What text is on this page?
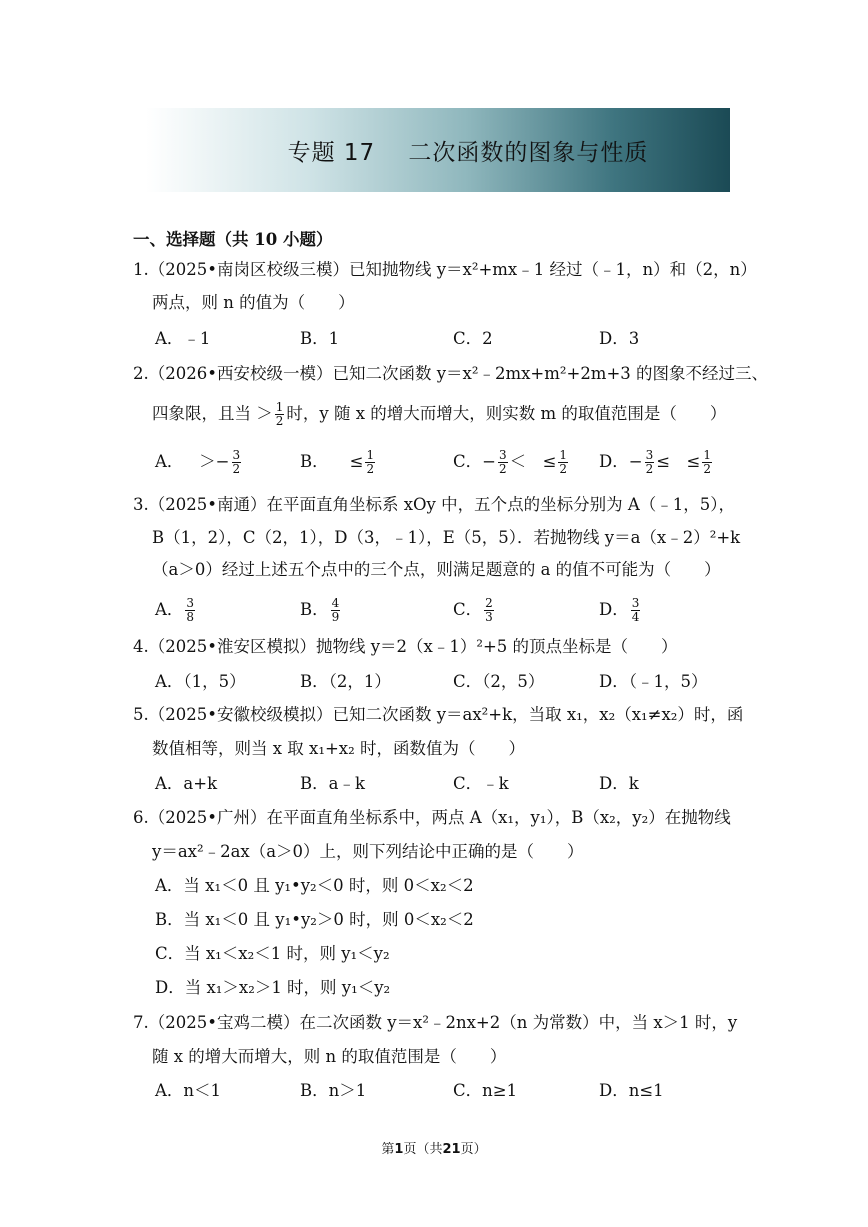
专题 17    二次函数的图象与性质
一、选择题（共 10 小题）
1.（2025•南岗区校级三模）已知抛物线 y＝x²+mx﹣1 经过（﹣1，n）和（2，n）
两点，则 n 的值为（　　）
A．﹣1	B．1	C．2	D．3
2.（2026•西安校级一模）已知二次函数 y＝x²﹣2mx+m²+2m+3 的图象不经过三、
四象限，且当 ＞ $\frac{1}{2}$ 时，y 随 x 的增大而增大，则实数 m 的取值范围是（　　）
A． ＞− $\frac{3}{2}$	B． ≤ $\frac{1}{2}$	C．− $\frac{3}{2}$ ＜　≤ $\frac{1}{2}$ D．− $\frac{3}{2}$ ≤　≤ $\frac{1}{2}$
3.（2025•南通）在平面直角坐标系 xOy 中，五个点的坐标分别为 A（﹣1，5），
B（1，2），C（2，1），D（3，﹣1），E（5，5）．若抛物线 y＝a（x﹣2）²+k
（a＞0）经过上述五个点中的三个点，则满足题意的 a 的值不可能为（　　）
A． $\frac{3}{8}$	B． $\frac{4}{9}$	C． $\frac{2}{3}$	D． $\frac{3}{4}$
4.（2025•淮安区模拟）抛物线 y＝2（x﹣1）²+5 的顶点坐标是（　　）
A．（1，5）	B．（2，1）	C．（2，5）	D．（﹣1，5）
5.（2025•安徽校级模拟）已知二次函数 y＝ax²+k，当取 x₁，x₂（x₁≠x₂）时，函
数值相等，则当 x 取 x₁+x₂ 时，函数值为（　　）
A．a+k	B．a﹣k	C．﹣k	D．k
6.（2025•广州）在平面直角坐标系中，两点 A（x₁，y₁），B（x₂，y₂）在抛物线
y＝ax²﹣2ax（a＞0）上，则下列结论中正确的是（　　）
A．当 x₁＜0 且 y₁•y₂＜0 时，则 0＜x₂＜2
B．当 x₁＜0 且 y₁•y₂＞0 时，则 0＜x₂＜2
C．当 x₁＜x₂＜1 时，则 y₁＜y₂
D．当 x₁＞x₂＞1 时，则 y₁＜y₂
7.（2025•宝鸡二模）在二次函数 y＝x²﹣2nx+2（n 为常数）中，当 x＞1 时，y
随 x 的增大而增大，则 n 的取值范围是（　　）
A．n＜1	B．n＞1	C．n≥1	D．n≤1
第1页（共21页）
